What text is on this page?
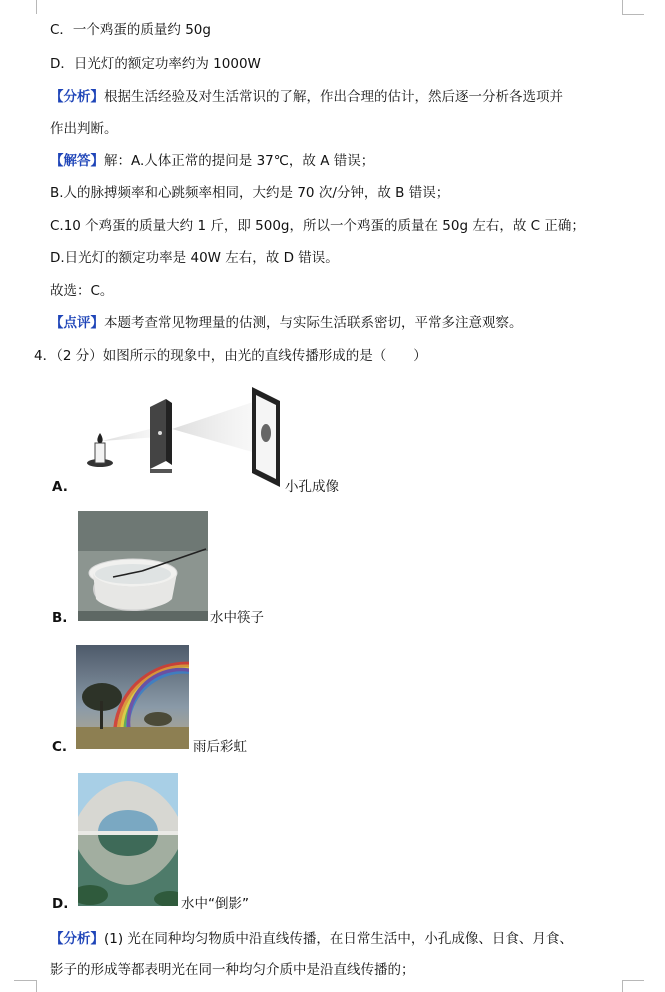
C．一个鸡蛋的质量约 50g
D．日光灯的额定功率约为 1000W
【分析】根据生活经验及对生活常识的了解，作出合理的估计，然后逐一分析各选项并
作出判断。
【解答】解：A.人体正常的提问是 37℃，故 A 错误；
B.人的脉搏频率和心跳频率相同，大约是 70 次/分钟，故 B 错误；
C.10 个鸡蛋的质量大约 1 斤，即 500g，所以一个鸡蛋的质量在 50g 左右，故 C 正确；
D.日光灯的额定功率是 40W 左右，故 D 错误。
故选：C。
【点评】本题考查常见物理量的估测，与实际生活联系密切，平常多注意观察。
4．（2 分）如图所示的现象中，由光的直线传播形成的是（　　）
A.	小孔成像
B.	水中筷子
C.	雨后彩虹
D.	水中“倒影”
【分析】(1) 光在同种均匀物质中沿直线传播，在日常生活中，小孔成像、日食、月食、
影子的形成等都表明光在同一种均匀介质中是沿直线传播的；
